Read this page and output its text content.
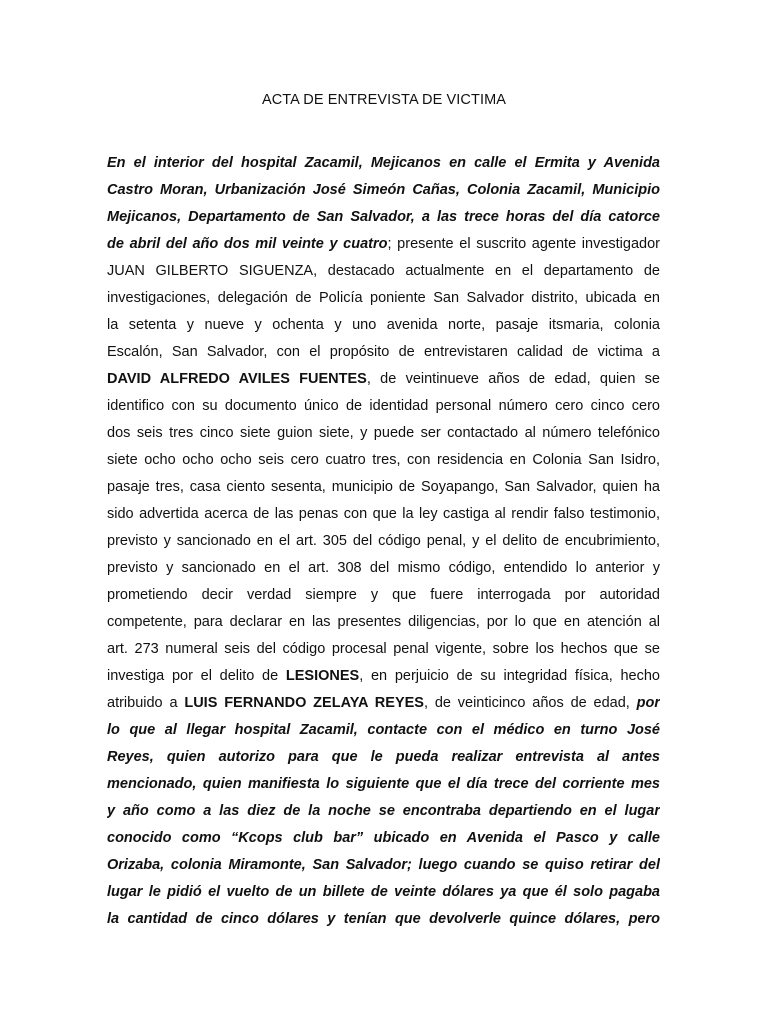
ACTA DE ENTREVISTA DE VICTIMA
En el interior del hospital Zacamil, Mejicanos en calle el Ermita y Avenida
Castro Moran, Urbanización José Simeón Cañas, Colonia Zacamil, Municipio
Mejicanos, Departamento de San Salvador, a las trece horas del día catorce
de abril del año dos mil veinte y cuatro; presente el suscrito agente investigador
JUAN GILBERTO SIGUENZA, destacado actualmente en el departamento de
investigaciones, delegación de Policía poniente San Salvador distrito, ubicada en
la setenta y nueve y ochenta y uno avenida norte, pasaje itsmaria, colonia
Escalón, San Salvador, con el propósito de entrevistaren calidad de victima a
DAVID ALFREDO AVILES FUENTES, de veintinueve años de edad, quien se
identifico con su documento único de identidad personal número cero cinco cero
dos seis tres cinco siete guion siete, y puede ser contactado al número telefónico
siete ocho ocho ocho seis cero cuatro tres, con residencia en Colonia San Isidro,
pasaje tres, casa ciento sesenta, municipio de Soyapango, San Salvador, quien ha
sido advertida acerca de las penas con que la ley castiga al rendir falso testimonio,
previsto y sancionado en el art. 305 del código penal, y el delito de encubrimiento,
previsto y sancionado en el art. 308 del mismo código, entendido lo anterior y
prometiendo decir verdad siempre y que fuere interrogada por autoridad
competente, para declarar en las presentes diligencias, por lo que en atención al
art. 273 numeral seis del código procesal penal vigente, sobre los hechos que se
investiga por el delito de LESIONES, en perjuicio de su integridad física, hecho
atribuido a LUIS FERNANDO ZELAYA REYES, de veinticinco años de edad, por
lo que al llegar hospital Zacamil, contacte con el médico en turno José
Reyes, quien autorizo para que le pueda realizar entrevista al antes
mencionado, quien manifiesta lo siguiente que el día trece del corriente mes
y año como a las diez de la noche se encontraba departiendo en el lugar
conocido como “Kcops club bar” ubicado en Avenida el Pasco y calle
Orizaba, colonia Miramonte, San Salvador; luego cuando se quiso retirar del
lugar le pidió el vuelto de un billete de veinte dólares ya que él solo pagaba
la cantidad de cinco dólares y tenían que devolverle quince dólares, pero
